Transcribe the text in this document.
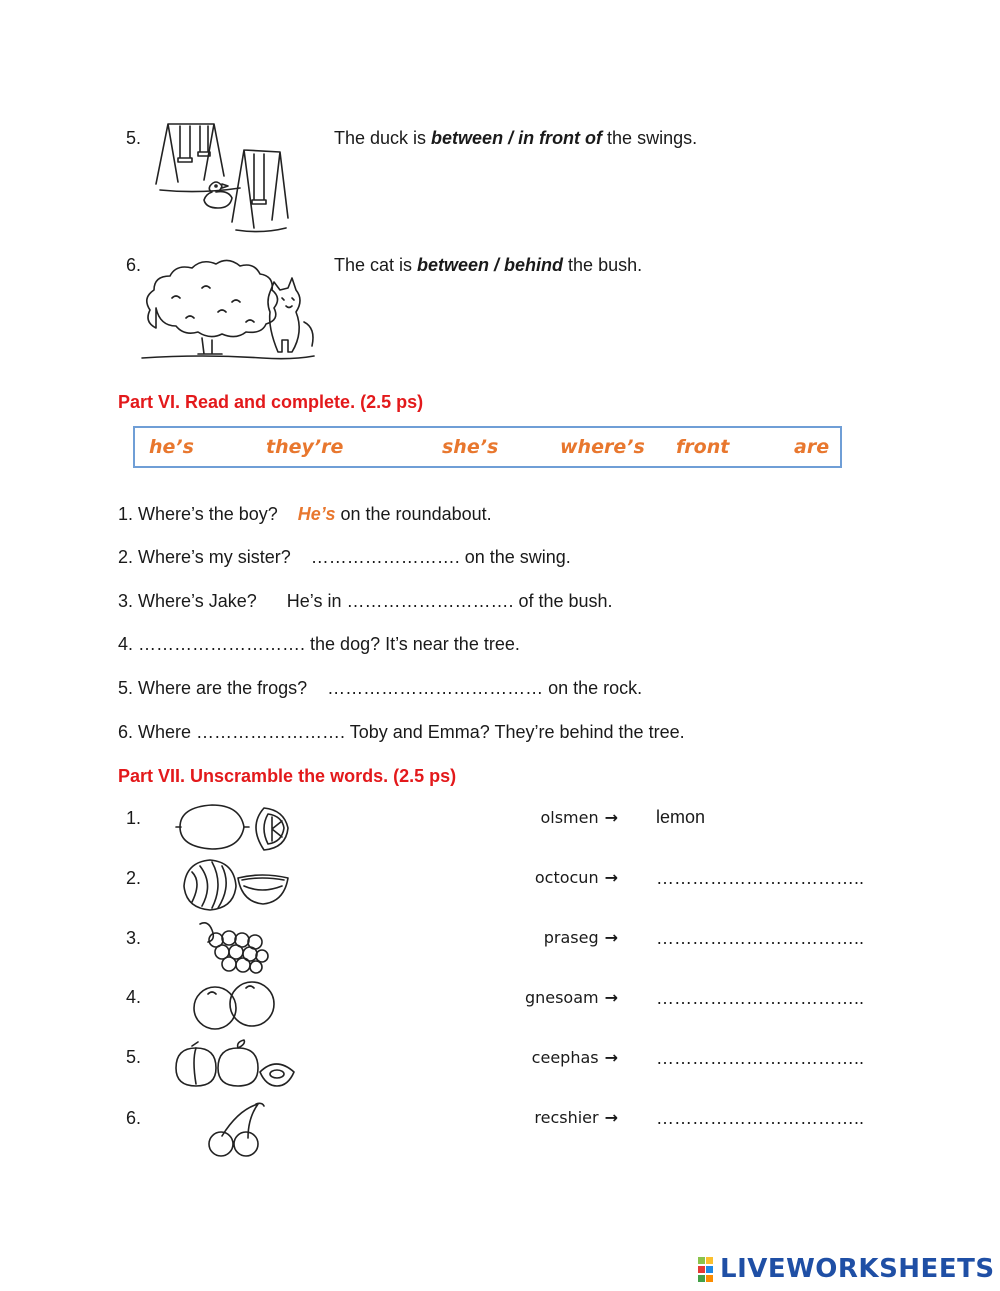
5.	The duck is between / in front of the swings.
6.	The cat is between / behind the bush.
Part VI. Read and complete. (2.5 ps)
he’s	they’re	she’s	where’s front	are
1. Where’s the boy? He’s on the roundabout.
2. Where’s my sister?    ……………………. on the swing.
3. Where’s Jake?      He’s in ………………………. of the bush.
4. ………………………. the dog? It’s near the tree.
5. Where are the frogs?    ……………………………… on the rock.
6. Where ……………………. Toby and Emma? They’re behind the tree.
Part VII. Unscramble the words. (2.5 ps)
1.	olsmen → lemon
2.	octocun → ……………………………..
3.	praseg → ……………………………..
4.	gnesoam → ……………………………..
5.	ceephas → ……………………………..
6.	recshier → ……………………………..
LIVEWORKSHEETS
